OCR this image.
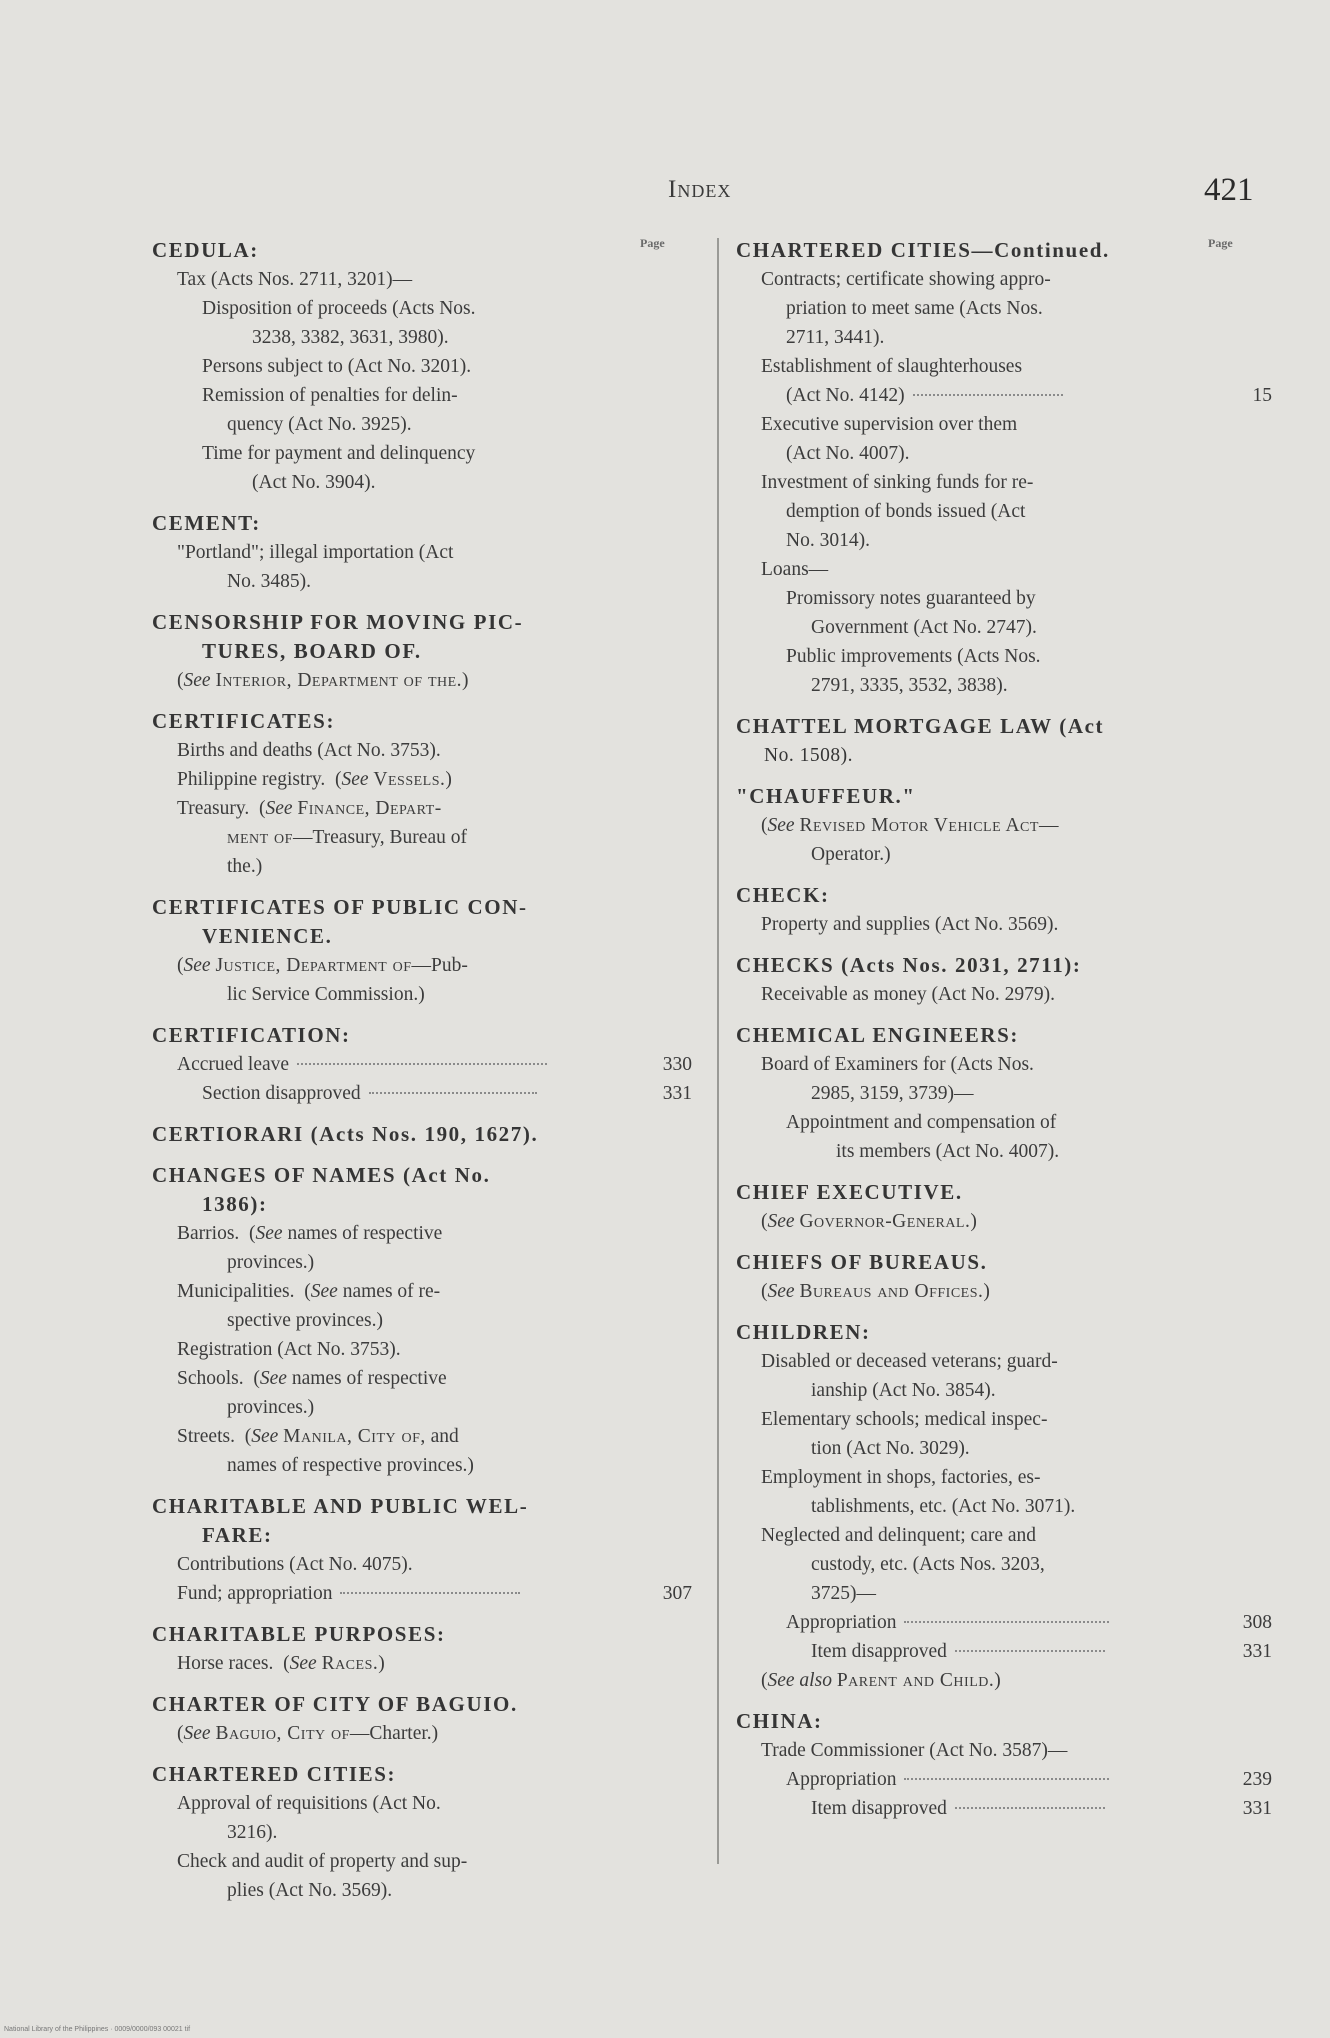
Index	421
Page
CEDULA:
Tax (Acts Nos. 2711, 3201)—
Disposition of proceeds (Acts Nos.
3238, 3382, 3631, 3980).
Persons subject to (Act No. 3201).
Remission of penalties for delin-
quency (Act No. 3925).
Time for payment and delinquency
(Act No. 3904).
CEMENT:
"Portland"; illegal importation (Act
No. 3485).
CENSORSHIP FOR MOVING PIC-
TURES, BOARD OF.
(See Interior, Department of the.)
CERTIFICATES:
Births and deaths (Act No. 3753).
Philippine registry.  (See Vessels.)
Treasury.  (See Finance, Depart-
ment of—Treasury, Bureau of
the.)
CERTIFICATES OF PUBLIC CON-
VENIENCE.
(See Justice, Department of—Pub-
lic Service Commission.)
CERTIFICATION:
Accrued leave	330
Section disapproved	331
CERTIORARI (Acts Nos. 190, 1627).
CHANGES OF NAMES (Act No.
1386):
Barrios.  (See names of respective
provinces.)
Municipalities.  (See names of re-
spective provinces.)
Registration (Act No. 3753).
Schools.  (See names of respective
provinces.)
Streets.  (See Manila, City of, and
names of respective provinces.)
CHARITABLE AND PUBLIC WEL-
FARE:
Contributions (Act No. 4075).
Fund; appropriation	307
CHARITABLE PURPOSES:
Horse races.  (See Races.)
CHARTER OF CITY OF BAGUIO.
(See Baguio, City of—Charter.)
CHARTERED CITIES:
Approval of requisitions (Act No.
3216).
Check and audit of property and sup-
plies (Act No. 3569).
Page
CHARTERED CITIES—Continued.
Contracts; certificate showing appro-
priation to meet same (Acts Nos.
2711, 3441).
Establishment of slaughterhouses
(Act No. 4142)	15
Executive supervision over them
(Act No. 4007).
Investment of sinking funds for re-
demption of bonds issued (Act
No. 3014).
Loans—
Promissory notes guaranteed by
Government (Act No. 2747).
Public improvements (Acts Nos.
2791, 3335, 3532, 3838).
CHATTEL MORTGAGE LAW (Act
No. 1508).
"CHAUFFEUR."
(See Revised Motor Vehicle Act—
Operator.)
CHECK:
Property and supplies (Act No. 3569).
CHECKS (Acts Nos. 2031, 2711):
Receivable as money (Act No. 2979).
CHEMICAL ENGINEERS:
Board of Examiners for (Acts Nos.
2985, 3159, 3739)—
Appointment and compensation of
its members (Act No. 4007).
CHIEF EXECUTIVE.
(See Governor-General.)
CHIEFS OF BUREAUS.
(See Bureaus and Offices.)
CHILDREN:
Disabled or deceased veterans; guard-
ianship (Act No. 3854).
Elementary schools; medical inspec-
tion (Act No. 3029).
Employment in shops, factories, es-
tablishments, etc. (Act No. 3071).
Neglected and delinquent; care and
custody, etc. (Acts Nos. 3203,
3725)—
Appropriation	308
Item disapproved	331
(See also Parent and Child.)
CHINA:
Trade Commissioner (Act No. 3587)—
Appropriation	239
Item disapproved	331
National Library of the Philippines · 0009/0000/093 00021 tif
